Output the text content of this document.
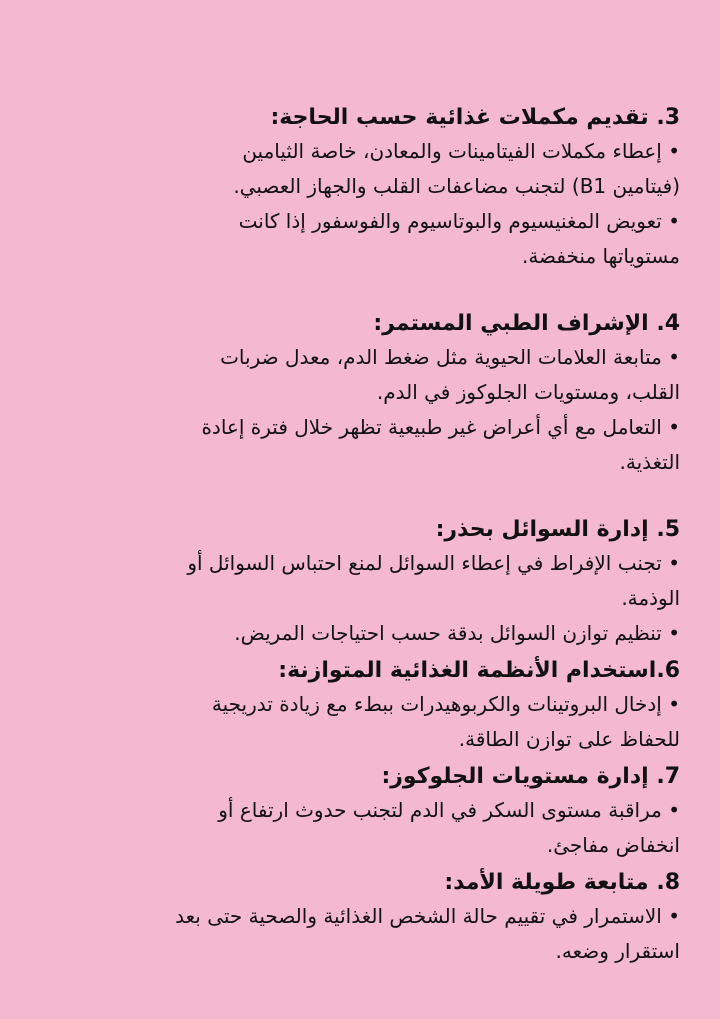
3. تقديم مكملات غذائية حسب الحاجة:

• إعطاء مكملات الفيتامينات والمعادن، خاصة الثيامين

(فيتامين B1) لتجنب مضاعفات القلب والجهاز العصبي.

• تعويض المغنيسيوم والبوتاسيوم والفوسفور إذا كانت

مستوياتها منخفضة.

4. الإشراف الطبي المستمر:

• متابعة العلامات الحيوية مثل ضغط الدم، معدل ضربات

القلب، ومستويات الجلوكوز في الدم.

• التعامل مع أي أعراض غير طبيعية تظهر خلال فترة إعادة

التغذية.

5. إدارة السوائل بحذر:

• تجنب الإفراط في إعطاء السوائل لمنع احتباس السوائل أو

الوذمة.

• تنظيم توازن السوائل بدقة حسب احتياجات المريض.

6.استخدام الأنظمة الغذائية المتوازنة:

• إدخال البروتينات والكربوهيدرات ببطء مع زيادة تدريجية

للحفاظ على توازن الطاقة.

7. إدارة مستويات الجلوكوز:

• مراقبة مستوى السكر في الدم لتجنب حدوث ارتفاع أو

انخفاض مفاجئ.

8. متابعة طويلة الأمد:

• الاستمرار في تقييم حالة الشخص الغذائية والصحية حتى بعد

استقرار وضعه.
